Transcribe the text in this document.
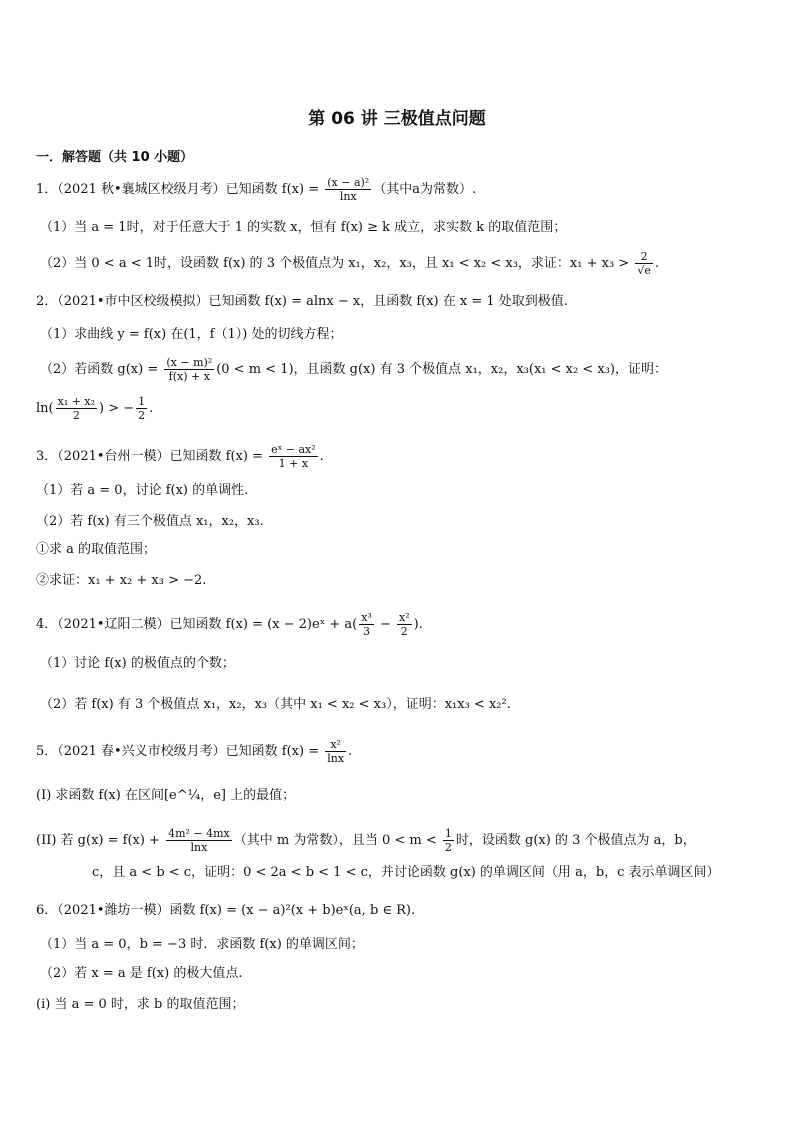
第 06 讲 三极值点问题
一．解答题（共 10 小题）
1．（2021 秋•襄城区校级月考）已知函数 $f(x) = \frac{\text{(x − a)²}}{\ln x}$ （其中a为常数）.
（1）当 a = 1时，对于任意大于 1 的实数 x，恒有 f(x) ≥ k 成立，求实数 k 的取值范围；
（2）当 0 < a < 1时，设函数 f(x) 的 3 个极值点为 x₁，x₂，x₃，且 x₁ < x₂ < x₃，求证：$x_1 + x_3 > \frac{2}{√e}$ .
2．（2021•市中区校级模拟）已知函数 f(x) = alnx − x，且函数 f(x) 在 x = 1 处取到极值.
（1）求曲线 y = f(x) 在(1，f（1）) 处的切线方程；
（2）若函数 $g(x) = \frac{\text{(x − m)²}}{f(x) + x} (0 < m < 1)$，且函数 g(x) 有 3 个极值点 x₁，x₂，x₃(x₁ < x₂ < x₃)，证明：
$\ln( \frac{\text{x₁ + x₂}}{2}$ ) > − $\frac{1}{2}$ .
3．（2021•台州一模）已知函数 $f(x) = \frac{\text{eˣ − ax²}}{1 + x}$ .
（1）若 a = 0，讨论 f(x) 的单调性.
（2）若 f(x) 有三个极值点 x₁，x₂，x₃.
①求 a 的取值范围；
②求证：x₁ + x₂ + x₃ > −2.
4．（2021•辽阳二模）已知函数 f(x) = (x − 2)eˣ + $a( \frac{\text{x³}}{3} - \frac{\text{x²}}{2}$ ).
（1）讨论 f(x) 的极值点的个数；
（2）若 f(x) 有 3 个极值点 x₁，x₂，x₃（其中 x₁ < x₂ < x₃），证明：x₁x₃ < x₂².
5．（2021 春•兴义市校级月考）已知函数 $f(x) = \frac{\text{x²}}{\ln x}$ .
(I) 求函数 f(x) 在区间[e^¼，e] 上的最值；
(II) 若 $g(x) = f(x) + \frac{\text{4m² − 4mx}}{\ln x}$ （其中 m 为常数），且当 $0 < m < \frac{1}{2}$ 时，设函数 g(x) 的 3 个极值点为 a，b，
c，且 a < b < c，证明：0 < 2a < b < 1 < c，并讨论函数 g(x) 的单调区间（用 a，b，c 表示单调区间）
6．（2021•潍坊一模）函数 f(x) = (x − a)²(x + b)eˣ(a, b ∈ R).
（1）当 a = 0，b = −3 时．求函数 f(x) 的单调区间；
（2）若 x = a 是 f(x) 的极大值点.
(i) 当 a = 0 时，求 b 的取值范围；
